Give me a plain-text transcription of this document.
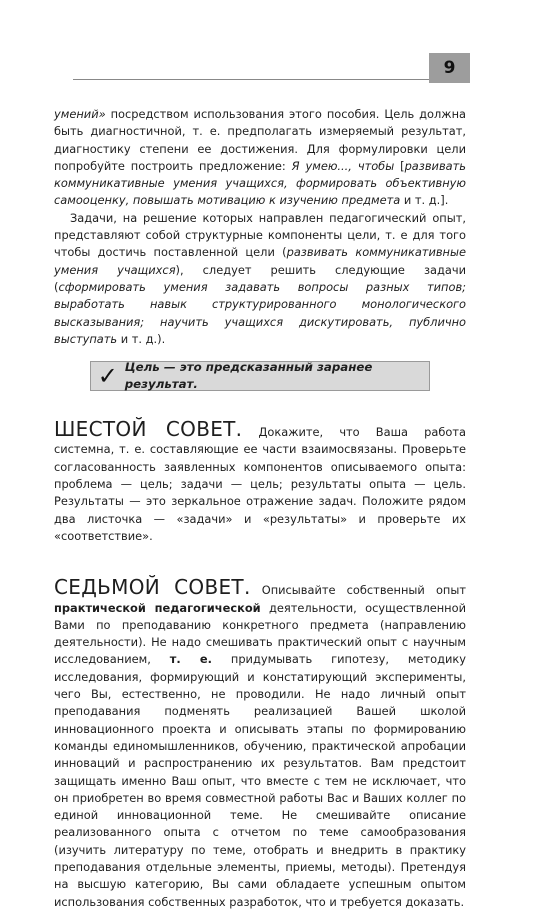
9

умений» посредством использования этого пособия. Цель должна быть диагностичной, т. е. предполагать измеряемый результат, диагностику степени ее достижения. Для формулировки цели попробуйте построить предложение: Я умею..., чтобы [развивать коммуникативные умения учащихся, формировать объективную самооценку, повышать мотивацию к изучению предмета и т. д.].

Задачи, на решение которых направлен педагогический опыт, представляют собой структурные компоненты цели, т. е для того чтобы достичь поставленной цели (развивать коммуникативные умения учащихся), следует решить следующие задачи (сформировать умения задавать вопросы разных типов; выработать навык структурированного монологического высказывания; научить учащихся дискутировать, публично выступать и т. д.).

✓ Цель — это предсказанный заранее результат.

ШЕСТОЙ СОВЕТ. Докажите, что Ваша работа системна, т. е. составляющие ее части взаимосвязаны. Проверьте согласованность заявленных компонентов описываемого опыта: проблема — цель; задачи — цель; результаты опыта — цель. Результаты — это зеркальное отражение задач. Положите рядом два листочка — «задачи» и «результаты» и проверьте их «соответствие».

СЕДЬМОЙ СОВЕТ. Описывайте собственный опыт практической педагогической деятельности, осуществленной Вами по преподаванию конкретного предмета (направлению деятельности). Не надо смешивать практический опыт с научным исследованием, т. е. придумывать гипотезу, методику исследования, формирующий и констатирующий эксперименты, чего Вы, естественно, не проводили. Не надо личный опыт преподавания подменять реализацией Вашей школой инновационного проекта и описывать этапы по формированию команды единомышленников, обучению, практической апробации инноваций и распространению их результатов. Вам предстоит защищать именно Ваш опыт, что вместе с тем не исключает, что он приобретен во время совместной работы Вас и Ваших коллег по единой инновационной теме. Не смешивайте описание реализованного опыта с отчетом по теме самообразования (изучить литературу по теме, отобрать и внедрить в практику преподавания отдельные элементы, приемы, методы). Претендуя на высшую категорию, Вы сами обладаете успешным опытом использования собственных разработок, что и требуется доказать.
